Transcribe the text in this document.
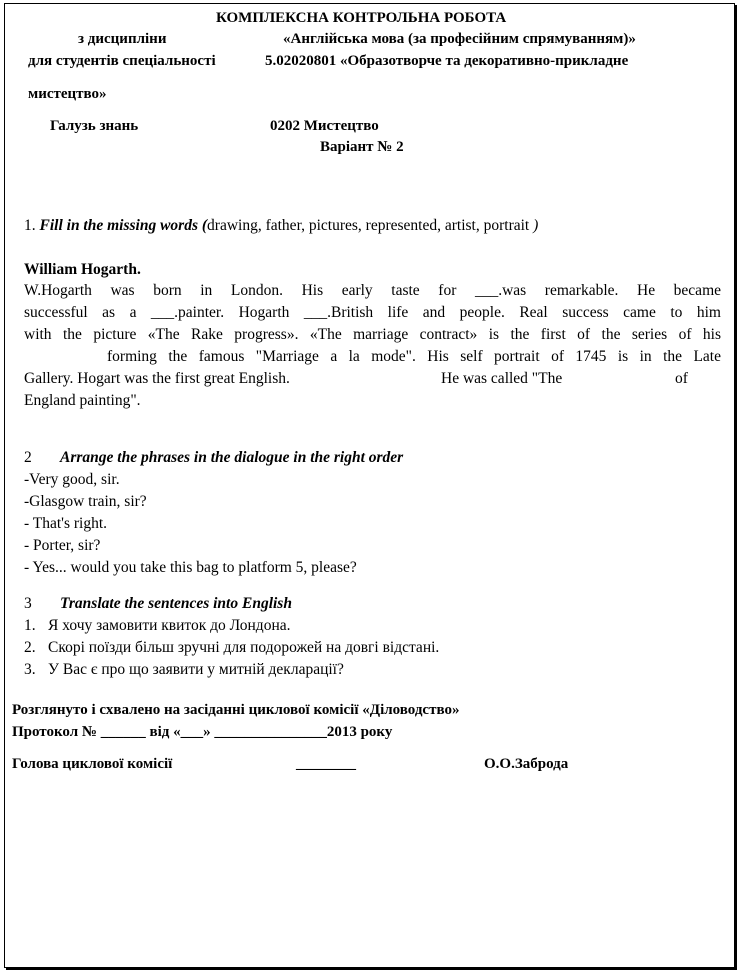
КОМПЛЕКСНА КОНТРОЛЬНА РОБОТА
з дисципліни	«Англійська мова (за професійним спрямуванням)»
для студентів спеціальності	5.02020801 «Образотворче та декоративно-прикладне
мистецтво»
Галузь знань	0202 Мистецтво
Варіант № 2
1. Fill in the missing words (drawing, father, pictures, represented, artist, portrait )
William Hogarth.
W.Hogarth was born in London. His early taste for ___.was remarkable. He became
successful as a ___.painter. Hogarth ___.British life and people. Real success came to him
with the picture «The Rake progress». «The marriage contract» is the first of the series of his
forming the famous "Marriage a la mode". His self portrait of 1745 is in the Late
Gallery. Hogart was the first great English.	He was called "The	of
England painting".
2 Arrange the phrases in the dialogue in the right order
-Very good, sir.
-Glasgow train, sir?
- That's right.
- Porter, sir?
- Yes... would you take this bag to platform 5, please?
3 Translate the sentences into English
1. Я хочу замовити квиток до Лондона.
2. Скорі поїзди більш зручні для подорожей на довгі відстані.
3. У Вас є про що заявити у митній декларації?
Розглянуто і схвалено на засіданні циклової комісії «Діловодство»
Протокол № ______ від «___» _______________2013 року
Голова циклової комісії	________	О.О.Заброда
